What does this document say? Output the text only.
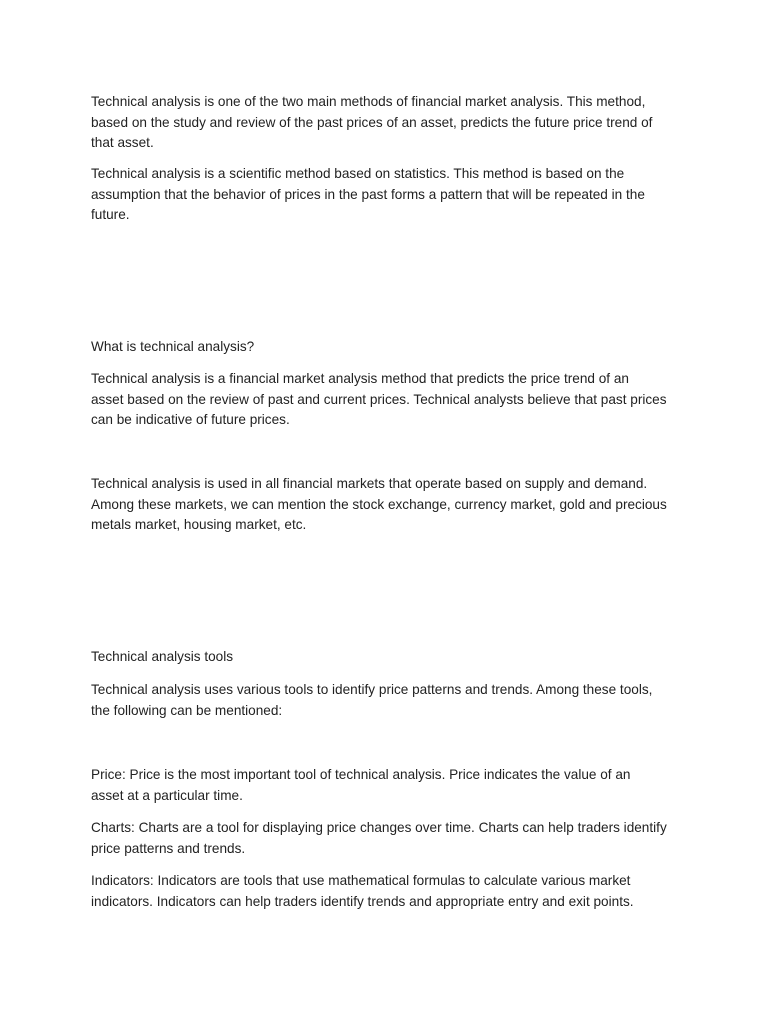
Technical analysis is one of the two main methods of financial market analysis. This method,
based on the study and review of the past prices of an asset, predicts the future price trend of
that asset.

Technical analysis is a scientific method based on statistics. This method is based on the
assumption that the behavior of prices in the past forms a pattern that will be repeated in the
future.

What is technical analysis?

Technical analysis is a financial market analysis method that predicts the price trend of an
asset based on the review of past and current prices. Technical analysts believe that past prices
can be indicative of future prices.

Technical analysis is used in all financial markets that operate based on supply and demand.
Among these markets, we can mention the stock exchange, currency market, gold and precious
metals market, housing market, etc.

Technical analysis tools

Technical analysis uses various tools to identify price patterns and trends. Among these tools,
the following can be mentioned:

Price: Price is the most important tool of technical analysis. Price indicates the value of an
asset at a particular time.

Charts: Charts are a tool for displaying price changes over time. Charts can help traders identify
price patterns and trends.

Indicators: Indicators are tools that use mathematical formulas to calculate various market
indicators. Indicators can help traders identify trends and appropriate entry and exit points.
